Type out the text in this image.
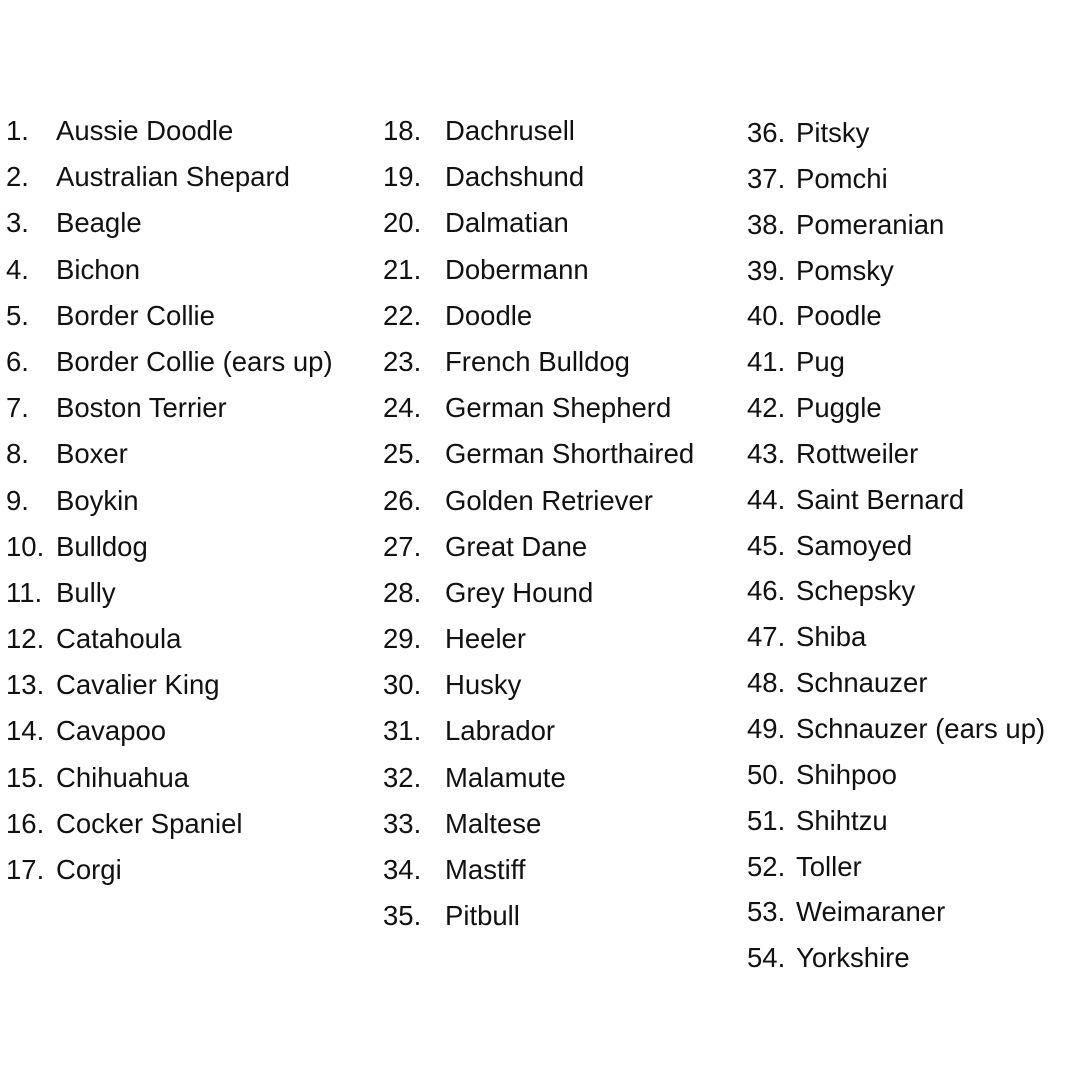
1. Aussie Doodle
2. Australian Shepard
3. Beagle
4. Bichon
5. Border Collie
6. Border Collie (ears up)
7. Boston Terrier
8. Boxer
9. Boykin
10. Bulldog
11. Bully
12. Catahoula
13. Cavalier King
14. Cavapoo
15. Chihuahua
16. Cocker Spaniel
17. Corgi
18. Dachrusell
19. Dachshund
20. Dalmatian
21. Dobermann
22. Doodle
23. French Bulldog
24. German Shepherd
25. German Shorthaired
26. Golden Retriever
27. Great Dane
28. Grey Hound
29. Heeler
30. Husky
31. Labrador
32. Malamute
33. Maltese
34. Mastiff
35. Pitbull
36. Pitsky
37. Pomchi
38. Pomeranian
39. Pomsky
40. Poodle
41. Pug
42. Puggle
43. Rottweiler
44. Saint Bernard
45. Samoyed
46. Schepsky
47. Shiba
48. Schnauzer
49. Schnauzer (ears up)
50. Shihpoo
51. Shihtzu
52. Toller
53. Weimaraner
54. Yorkshire
